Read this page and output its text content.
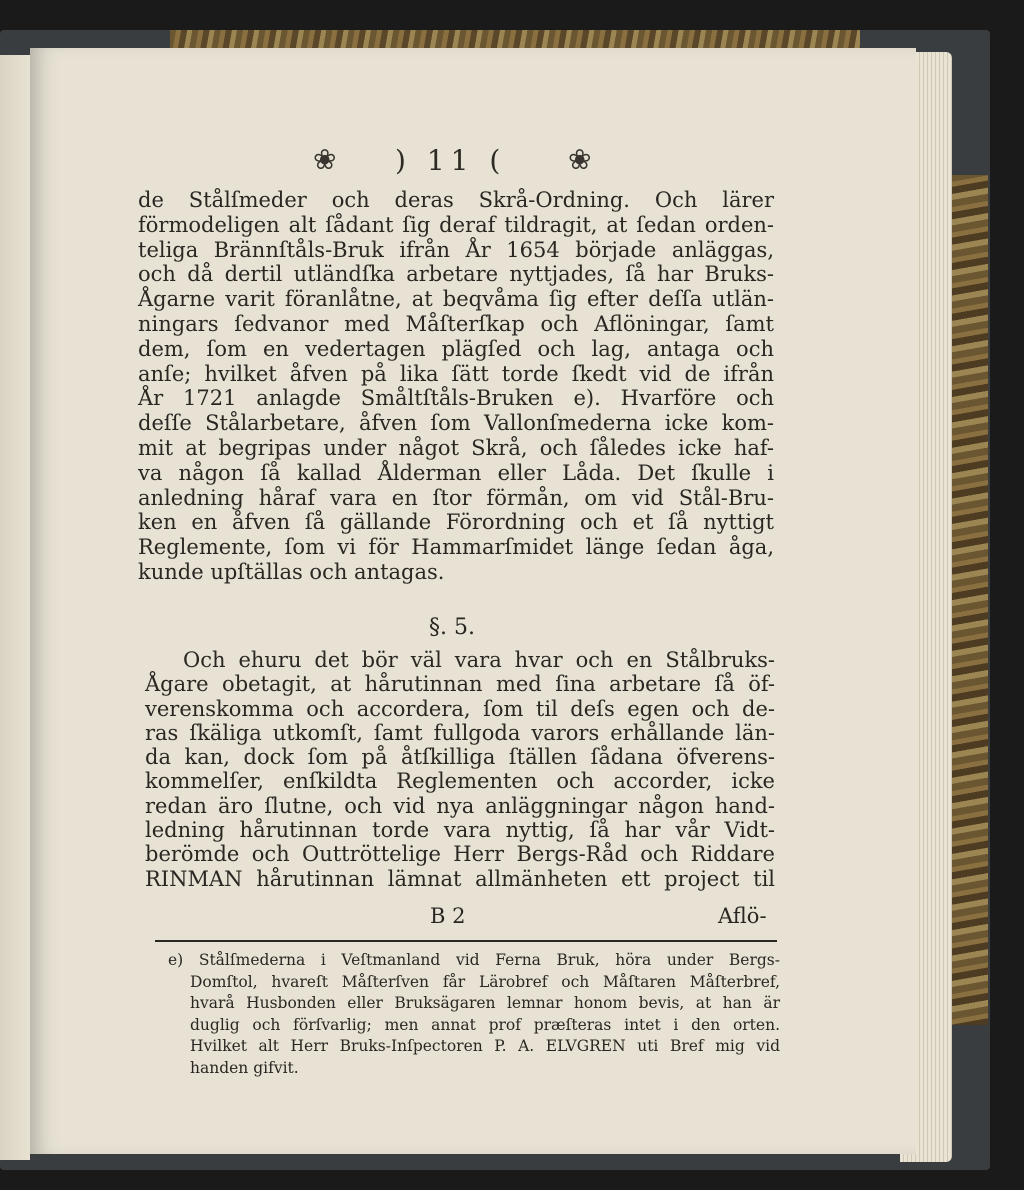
❀ ) 11 ( ❀
de Stålſmeder och deras Skrå-Ordning. Och lärer förmodeligen alt ſådant ſig deraf tildragit, at ſedan orden-
teliga Brännſtåls-Bruk ifrån År 1654 började anläggas,
och då dertil utländſka arbetare nyttjades, ſå har Bruks-
Ågarne varit föranlåtne, at beqvåma ſig efter deſſa utlän-
ningars ſedvanor med Måſterſkap och Aflöningar, ſamt
dem, ſom en vedertagen plägſed och lag, antaga och
anſe; hvilket åfven på lika ſätt torde ſkedt vid de ifrån
År 1721 anlagde Småltſtåls-Bruken e). Hvarföre och
deſſe Stålarbetare, åfven ſom Vallonſmederna icke kom-
mit at begripas under något Skrå, och ſåledes icke haf-
va någon ſå kallad Ålderman eller Låda. Det ſkulle i
anledning håraf vara en ſtor förmån, om vid Stål-Bru-
ken en åfven ſå gällande Förordning och et ſå nyttigt
Reglemente, ſom vi för Hammarſmidet länge ſedan åga,
kunde upſtällas och antagas.
§. 5.
Och ehuru det bör väl vara hvar och en Stålbruks-
Ågare obetagit, at hårutinnan med ſina arbetare ſå öf-
verenskomma och accordera, ſom til deſs egen och de-
ras ſkäliga utkomſt, ſamt fullgoda varors erhållande län-
da kan, dock ſom på åtſkilliga ſtällen ſådana öfverens-
kommelſer, enſkildta Reglementen och accorder, icke
redan äro ſlutne, och vid nya anläggningar någon hand-
ledning hårutinnan torde vara nyttig, ſå har vår Vidt-
berömde och Outtröttelige Herr Bergs-Råd och Riddare
RINMAN hårutinnan lämnat allmänheten ett project til
B 2	Aflö-
e) Stålſmederna i Veſtmanland vid Ferna Bruk, höra under Bergs-
Domſtol, hvareſt Måſterſven får Lärobref och Måſtaren Måſterbref,
hvarå Husbonden eller Bruksägaren lemnar honom bevis, at han är
duglig och förſvarlig; men annat prof præſteras intet i den orten.
Hvilket alt Herr Bruks-Inſpectoren P. A. ELVGREN uti Bref mig vid
handen gifvit.
